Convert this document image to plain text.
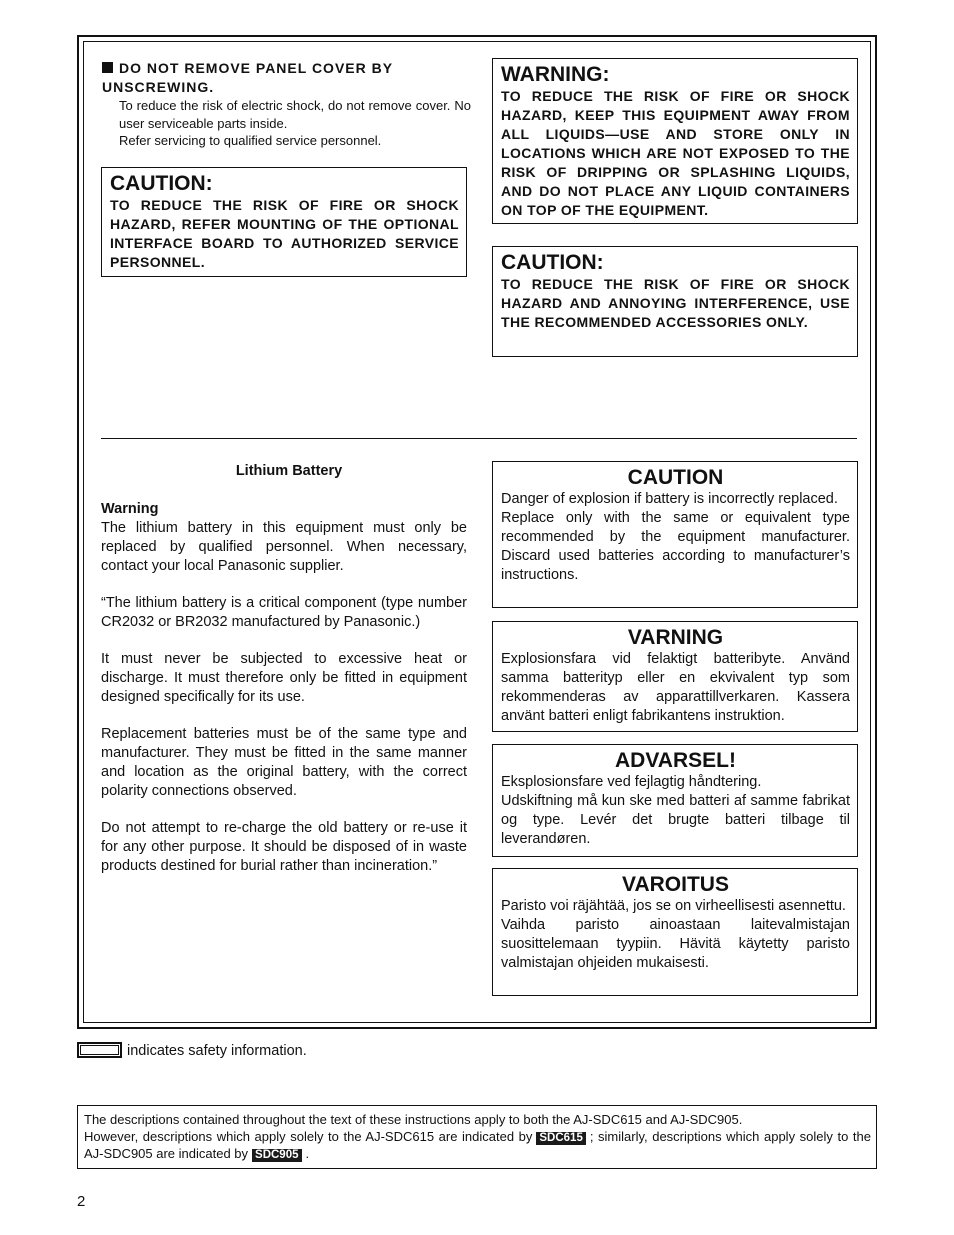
DO NOT REMOVE PANEL COVER BY UNSCREWING.

To reduce the risk of electric shock, do not remove cover. No user serviceable parts inside.

Refer servicing to qualified service personnel.

CAUTION:
TO REDUCE THE RISK OF FIRE OR SHOCK HAZARD, REFER MOUNTING OF THE OPTIONAL INTERFACE BOARD TO AUTHORIZED SERVICE PERSONNEL.
WARNING:
TO REDUCE THE RISK OF FIRE OR SHOCK HAZARD, KEEP THIS EQUIPMENT AWAY FROM ALL LIQUIDS—USE AND STORE ONLY IN LOCATIONS WHICH ARE NOT EXPOSED TO THE RISK OF DRIPPING OR SPLASHING LIQUIDS, AND DO NOT PLACE ANY LIQUID CONTAINERS ON TOP OF THE EQUIPMENT.
CAUTION:
TO REDUCE THE RISK OF FIRE OR SHOCK HAZARD AND ANNOYING INTERFERENCE, USE THE RECOMMENDED ACCESSORIES ONLY.
Lithium Battery

Warning

The lithium battery in this equipment must only be replaced by qualified personnel. When necessary, contact your local Panasonic supplier.

“The lithium battery is a critical component (type number CR2032 or BR2032 manufactured by Panasonic.)

It must never be subjected to excessive heat or discharge. It must therefore only be fitted in equipment designed specifically for its use.

Replacement batteries must be of the same type and manufacturer. They must be fitted in the same manner and location as the original battery, with the correct polarity connections observed.

Do not attempt to re-charge the old battery or re-use it for any other purpose. It should be disposed of in waste products destined for burial rather than incineration.”

CAUTION
Danger of explosion if battery is incorrectly replaced.
Replace only with the same or equivalent type recommended by the equipment manufacturer. Discard used batteries according to manufacturer’s instructions.
VARNING
Explosionsfara vid felaktigt batteribyte. Använd samma batterityp eller en ekvivalent typ som rekommenderas av apparattillverkaren. Kassera använt batteri enligt fabrikantens instruktion.
ADVARSEL!
Eksplosionsfare ved fejlagtig håndtering.
Udskiftning må kun ske med batteri af samme fabrikat og type. Levér det brugte batteri tilbage til leverandøren.
VAROITUS
Paristo voi räjähtää, jos se on virheellisesti asennettu.
Vaihda paristo ainoastaan laitevalmistajan suosittelemaan tyypiin. Hävitä käytetty paristo valmistajan ohjeiden mukaisesti.
indicates safety information.

The descriptions contained throughout the text of these instructions apply to both the AJ-SDC615 and AJ-SDC905.

However, descriptions which apply solely to the AJ-SDC615 are indicated by SDC615 ; similarly, descriptions which apply solely to the AJ-SDC905 are indicated by SDC905 .

2
